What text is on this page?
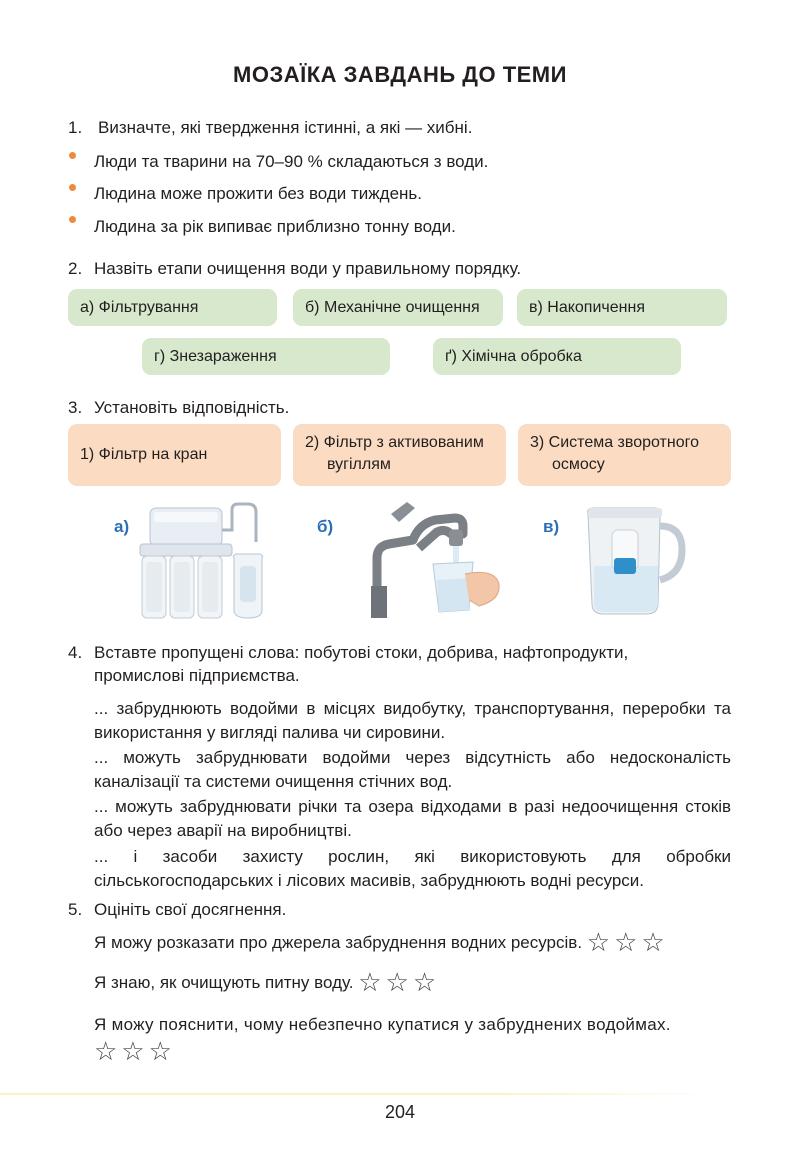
МОЗАЇКА ЗАВДАНЬ ДО ТЕМИ
1. Визначте, які твердження істинні, а які — хибні.
Люди та тварини на 70–90 % складаються з води.
Людина може прожити без води тиждень.
Людина за рік випиває приблизно тонну води.
2. Назвіть етапи очищення води у правильному порядку.
а) Фільтрування	б) Механічне очищення	в) Накопичення
г) Знезараження	ґ) Хімічна обробка
3. Установіть відповідність.
1) Фільтр на кран
2) Фільтр з активованим
вугіллям
3) Система зворотного
осмосу
а)	б)	в)
4. Вставте пропущені слова: побутові стоки, добрива, нафтопродукти,
промислові підприємства.
... забруднюють водойми в місцях видобутку, транспортування, переробки та використання у вигляді палива чи сировини.
... можуть забруднювати водойми через відсутність або недосконалість каналізації та системи очищення стічних вод.
... можуть забруднювати річки та озера відходами в разі недоочищення стоків або через аварії на виробництві.
... і засоби захисту рослин, які використовують для обробки сільськогосподарських і лісових масивів, забруднюють водні ресурси.
5. Оцініть свої досягнення.
Я можу розказати про джерела забруднення водних ресурсів. ☆☆☆
Я знаю, як очищують питну воду. ☆☆☆
Я можу пояснити, чому небезпечно купатися у забруднених водоймах.
☆☆☆
204
